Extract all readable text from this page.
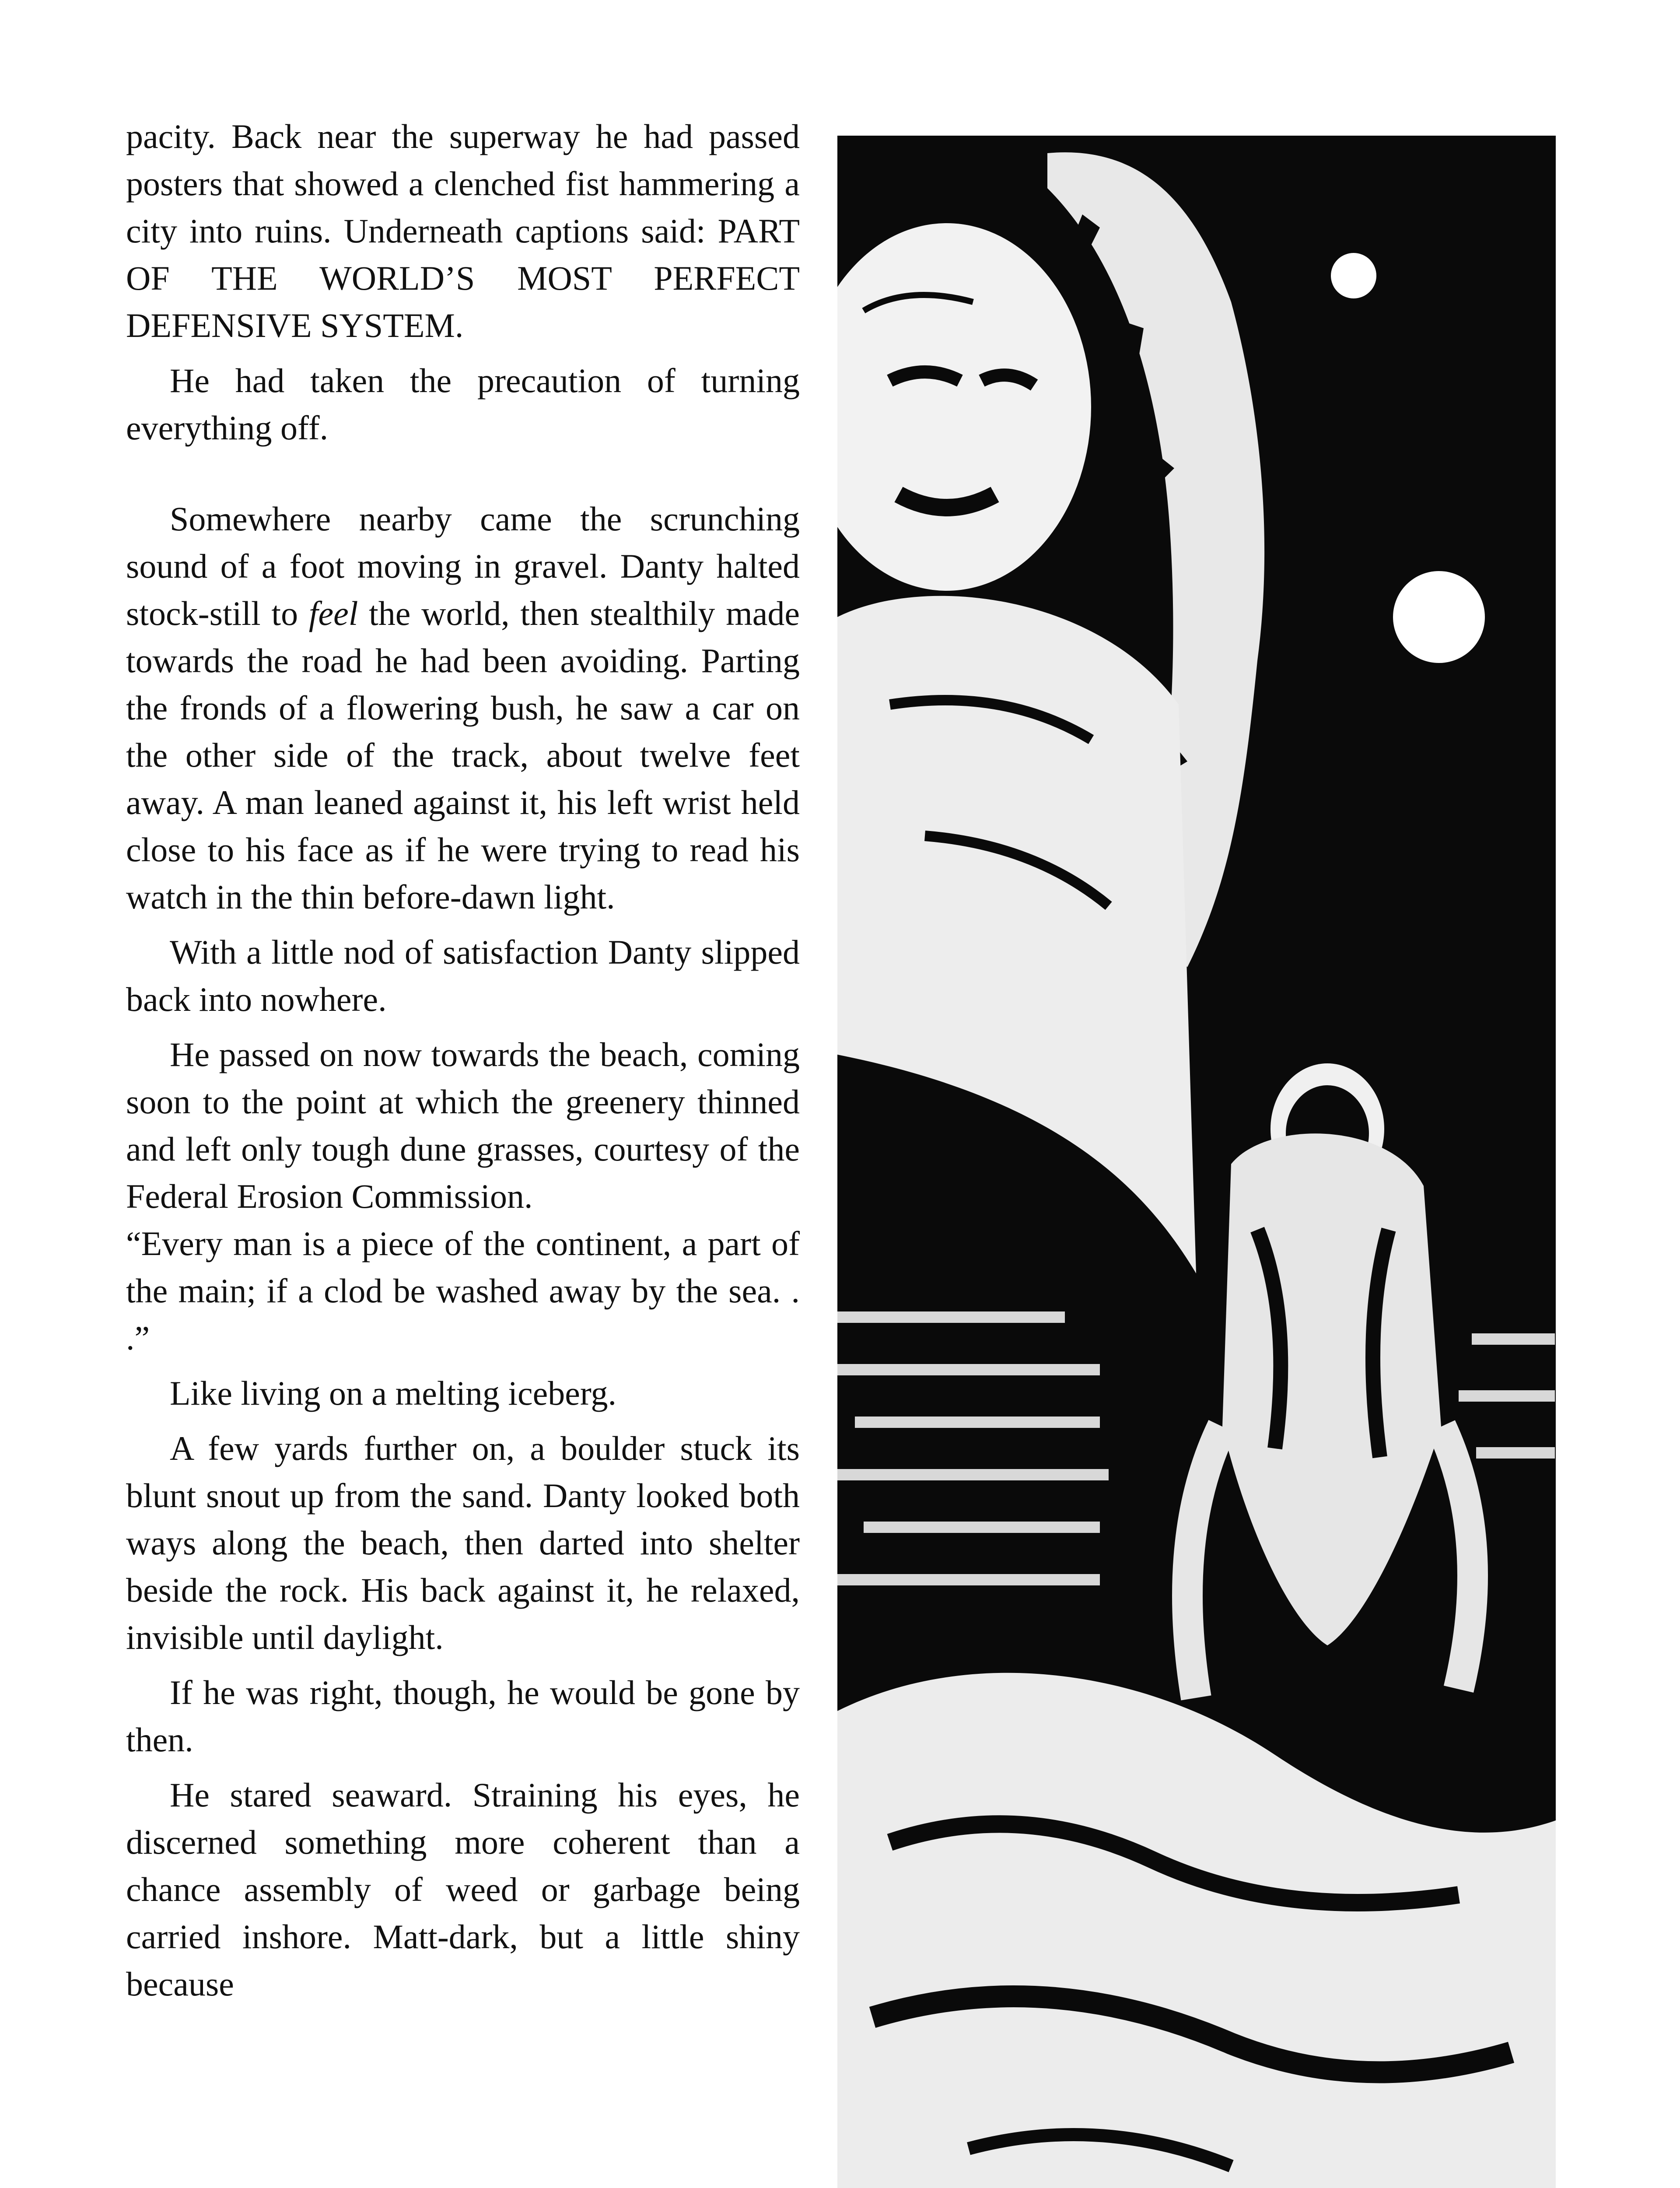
pacity. Back near the superway he had passed posters that showed a clenched fist hammering a city into ruins. Underneath captions said: PART OF THE WORLD’S MOST PERFECT DEFENSIVE SYSTEM.

He had taken the precaution of turning everything off.

Somewhere nearby came the scrunching sound of a foot moving in gravel. Danty halted stock-still to feel the world, then stealthily made towards the road he had been avoiding. Parting the fronds of a flowering bush, he saw a car on the other side of the track, about twelve feet away. A man leaned against it, his left wrist held close to his face as if he were trying to read his watch in the thin before-dawn light.

With a little nod of satisfaction Danty slipped back into nowhere.

He passed on now towards the beach, coming soon to the point at which the greenery thinned and left only tough dune grasses, courtesy of the Federal Erosion Commission.

“Every man is a piece of the continent, a part of the main; if a clod be washed away by the sea. . .”

Like living on a melting iceberg.

A few yards further on, a boulder stuck its blunt snout up from the sand. Danty looked both ways along the beach, then darted into shelter beside the rock. His back against it, he relaxed, invisible until daylight.

If he was right, though, he would be gone by then.

He stared seaward. Straining his eyes, he discerned something more coherent than a chance assembly of weed or garbage being carried inshore. Matt-dark, but a little shiny because
